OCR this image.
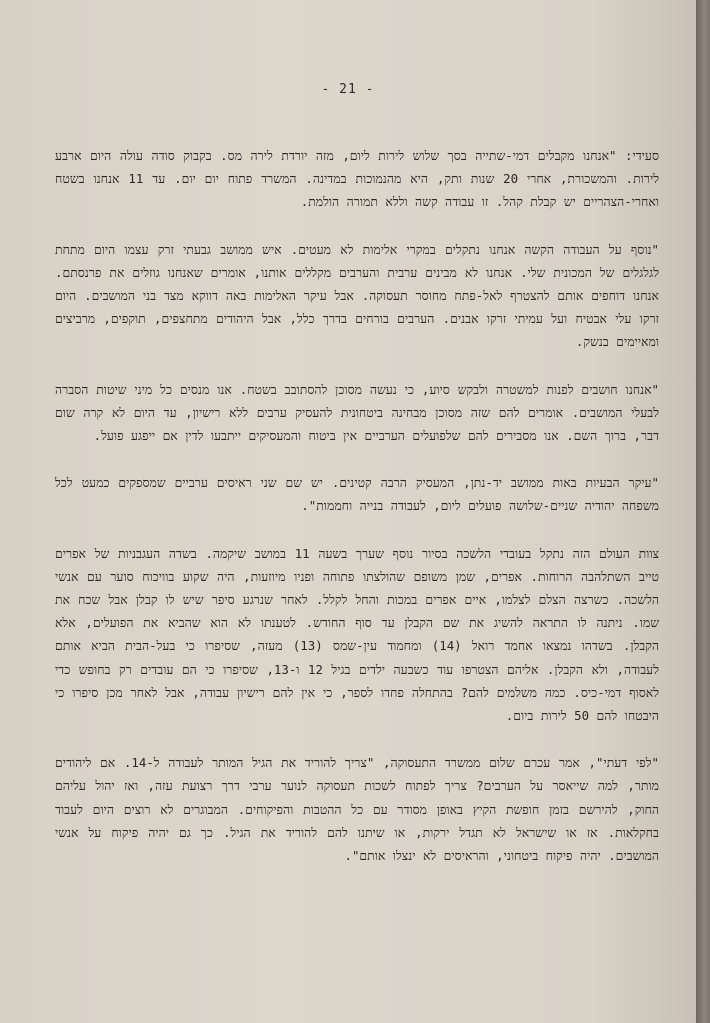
- 21 -

סעידי: "אנחנו מקבלים דמי-שתייה בסך שלוש לירות ליום, מזה יורדת לירה מס. בקבוק סודה עולה היום ארבע לירות. והמשכורת, אחרי 20 שנות ותק, היא מהנמוכות במדינה. המשרד פתוח יום יום. עד 11 אנחנו בשטח ואחרי-הצהריים יש קבלת קהל. זו עבודה קשה וללא תמורה הולמת.

"נוסף על העבודה הקשה אנחנו נתקלים במקרי אלימות לא מעטים. איש ממושב גבעתי זרק עצמו היום מתחת לגלגלים של המכונית שלי. אנחנו לא מבינים ערבית והערבים מקללים אותנו, אומרים שאנחנו גוזלים את פרנסתם. אנחנו דוחפים אותם להצטרף לאל-פתח מחוסר תעסוקה. אבל עיקר האלימות באה דווקא מצד בני המושבים. היום זרקו עלי אבטיח ועל עמיתי זרקו אבנים. הערבים בורחים בדרך כלל, אבל היהודים מתחצפים, תוקפים, מרביצים ומאיימים בנשק.

"אנחנו חושבים לפנות למשטרה ולבקש סיוע, כי נעשה מסוכן להסתובב בשטח. אנו מנסים כל מיני שיטות הסברה לבעלי המושבים. אומרים להם שזה מסוכן מבחינה ביטחונית להעסיק ערבים ללא רישיון, עד היום לא קרה שום דבר, ברוך השם. אנו מסבירים להם שלפועלים הערביים אין ביטוח והמעסיקים ייתבעו לדין אם ייפגע פועל.

"עיקר הבעיות באות ממושב יד-נתן, המעסיק הרבה קטינים. יש שם שני ראיסים ערביים שמספקים כמעט לכל משפחה יהודיה שניים-שלושה פועלים ליום, לעבודה בנייה וחממות".

צוות העולם הזה נתקל בעובדי הלשכה בסיור נוסף שערך בשעה 11 במושב שיקמה. בשדה העגבניות של אפרים טייב השתלהבה הרוחות. אפרים, שמן משופם שהולצתו פתוחה ופניו מיוזעות, היה שקוע בוויכוח סוער עם אנשי הלשכה. כשרצה הצלם לצלמו, איים אפרים במכות והחל לקלל. לאחר שנרגע סיפר שיש לו קבלן אבל שכח את שמו. ניתנה לו התראה להשיג את שם הקבלן עד סוף החודש. לטענתו לא הוא שהביא את הפועלים, אלא הקבלן. בשדהו נמצאו אחמד רואל (14) ומחמוד עין-שמס (13) מעזה, שסיפרו כי בעל-הבית הביא אותם לעבודה, ולא הקבלן. אליהם הצטרפו עוד כשבעה ילדים בגיל 12 ו-13, שסיפרו כי הם עובדים רק בחופש כדי לאסוף דמי-כיס. כמה משלמים להם? בהתחלה פחדו לספר, כי אין להם רישיון עבודה, אבל לאחר מכן סיפרו כי היבטחו להם 50 לירות ביום.

"לפי דעתי", אמר עכרם שלום ממשרד התעסוקה, "צריך להוריד את הגיל המותר לעבודה ל-14. אם ליהודים מותר, למה שייאסר על הערבים? צריך לפתוח לשכות תעסוקה לנוער ערבי דרך רצועת עזה, ואז יהול עליהם החוק, להירשם בזמן חופשת הקיץ באופן מסודר עם כל ההטבות והפיקוחים. המבוגרים לא רוצים היום לעבוד בחקלאות. אז או שישראל לא תגדל ירקות, או שיתנו להם להוריד את הגיל. כך גם יהיה פיקוח על אנשי המושבים. יהיה פיקוח ביטחוני, והראיסים לא ינצלו אותם".
